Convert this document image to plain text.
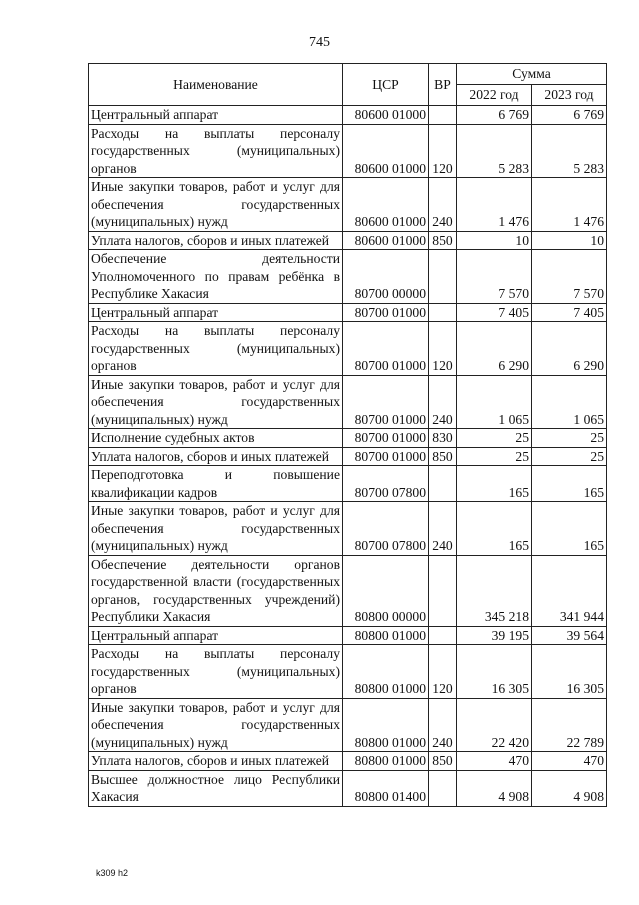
745
Наименование	ЦСР	ВР	Сумма	
			2022 год	2023 год
Центральный аппарат	80600 01000		6 769	6 769
Расходы на выплаты персоналу государственных (муниципальных) органов	80600 01000	120	5 283	5 283
Иные закупки товаров, работ и услуг для обеспечения государственных (муниципальных) нужд	80600 01000	240	1 476	1 476
Уплата налогов, сборов и иных платежей	80600 01000	850	10	10
Обеспечение деятельности Уполномоченного по правам ребёнка в Республике Хакасия	80700 00000		7 570	7 570
Центральный аппарат	80700 01000		7 405	7 405
Расходы на выплаты персоналу государственных (муниципальных) органов	80700 01000	120	6 290	6 290
Иные закупки товаров, работ и услуг для обеспечения государственных (муниципальных) нужд	80700 01000	240	1 065	1 065
Исполнение судебных актов	80700 01000	830	25	25
Уплата налогов, сборов и иных платежей	80700 01000	850	25	25
Переподготовка и повышение квалификации кадров	80700 07800		165	165
Иные закупки товаров, работ и услуг для обеспечения государственных (муниципальных) нужд	80700 07800	240	165	165
Обеспечение деятельности органов государственной власти (государственных органов, государственных учреждений) Республики Хакасия	80800 00000		345 218	341 944
Центральный аппарат	80800 01000		39 195	39 564
Расходы на выплаты персоналу государственных (муниципальных) органов	80800 01000	120	16 305	16 305
Иные закупки товаров, работ и услуг для обеспечения государственных (муниципальных) нужд	80800 01000	240	22 420	22 789
Уплата налогов, сборов и иных платежей	80800 01000	850	470	470
Высшее должностное лицо Республики Хакасия	80800 01400		4 908	4 908
k309 h2
